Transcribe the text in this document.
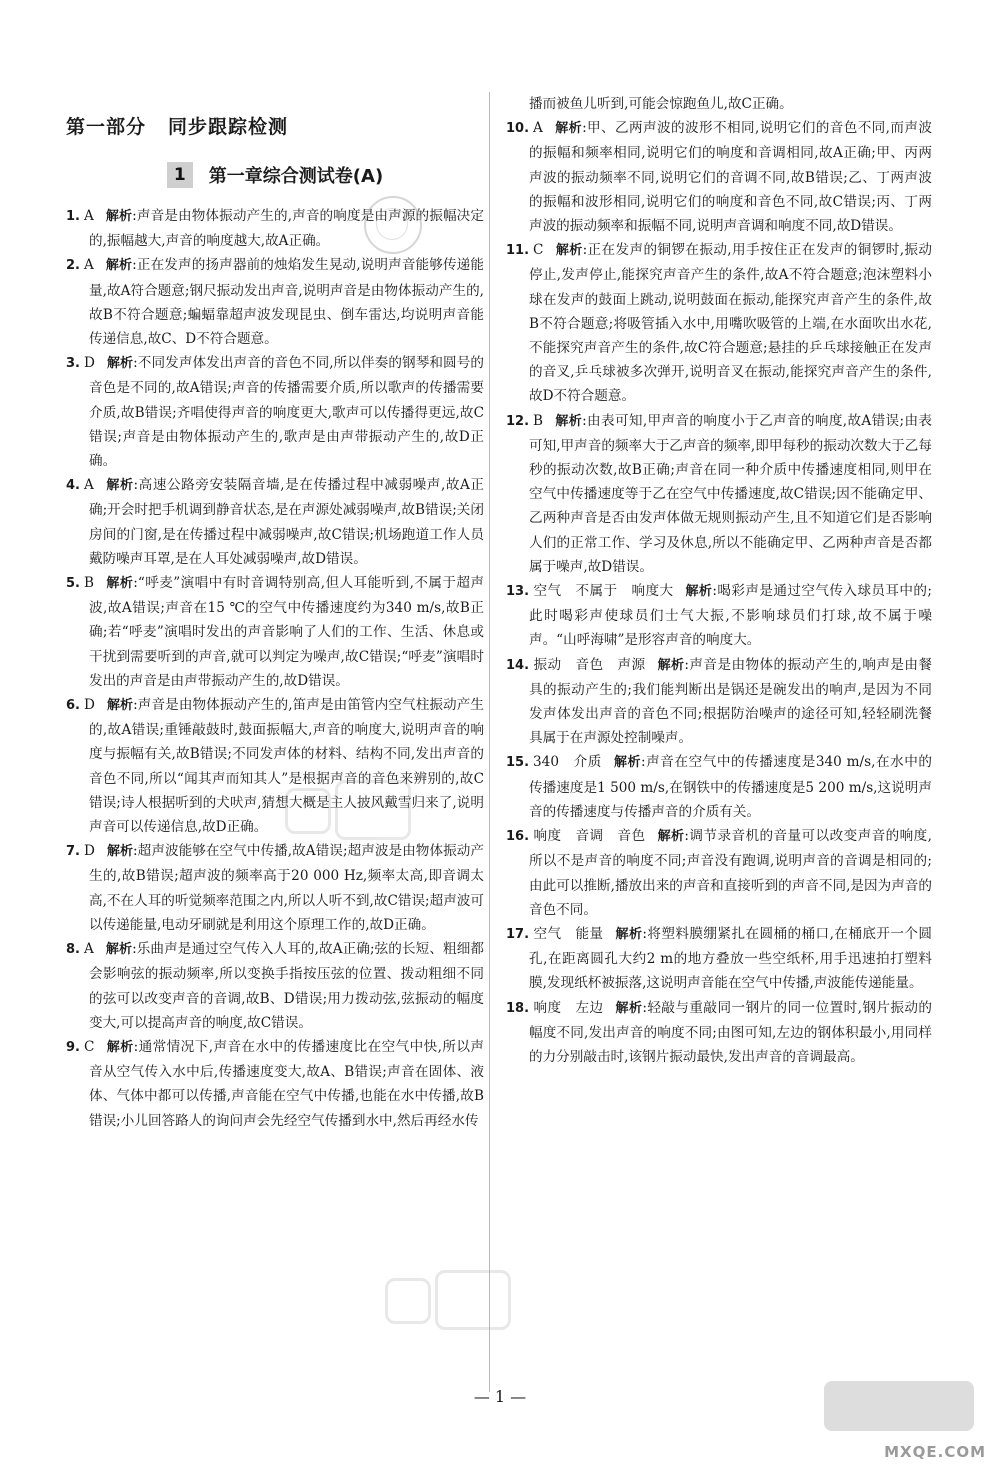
第一部分 同步跟踪检测
1	第一章综合测试卷(A)

1. A 解析:声音是由物体振动产生的,声音的响度是由声源的振幅决定的,振幅越大,声音的响度越大,故A正确。

2. A 解析:正在发声的扬声器前的烛焰发生晃动,说明声音能够传递能量,故A符合题意;钢尺振动发出声音,说明声音是由物体振动产生的,故B不符合题意;蝙蝠靠超声波发现昆虫、倒车雷达,均说明声音能传递信息,故C、D不符合题意。

3. D 解析:不同发声体发出声音的音色不同,所以伴奏的钢琴和圆号的音色是不同的,故A错误;声音的传播需要介质,所以歌声的传播需要介质,故B错误;齐唱使得声音的响度更大,歌声可以传播得更远,故C错误;声音是由物体振动产生的,歌声是由声带振动产生的,故D正确。

4. A 解析:高速公路旁安装隔音墙,是在传播过程中减弱噪声,故A正确;开会时把手机调到静音状态,是在声源处减弱噪声,故B错误;关闭房间的门窗,是在传播过程中减弱噪声,故C错误;机场跑道工作人员戴防噪声耳罩,是在人耳处减弱噪声,故D错误。

5. B 解析:“呼麦”演唱中有时音调特别高,但人耳能听到,不属于超声波,故A错误;声音在15 ℃的空气中传播速度约为340 m/s,故B正确;若“呼麦”演唱时发出的声音影响了人们的工作、生活、休息或干扰到需要听到的声音,就可以判定为噪声,故C错误;“呼麦”演唱时发出的声音是由声带振动产生的,故D错误。

6. D 解析:声音是由物体振动产生的,笛声是由笛管内空气柱振动产生的,故A错误;重锤敲鼓时,鼓面振幅大,声音的响度大,说明声音的响度与振幅有关,故B错误;不同发声体的材料、结构不同,发出声音的音色不同,所以“闻其声而知其人”是根据声音的音色来辨别的,故C错误;诗人根据听到的犬吠声,猜想大概是主人披风戴雪归来了,说明声音可以传递信息,故D正确。

7. D 解析:超声波能够在空气中传播,故A错误;超声波是由物体振动产生的,故B错误;超声波的频率高于20 000 Hz,频率太高,即音调太高,不在人耳的听觉频率范围之内,所以人听不到,故C错误;超声波可以传递能量,电动牙刷就是利用这个原理工作的,故D正确。

8. A 解析:乐曲声是通过空气传入人耳的,故A正确;弦的长短、粗细都会影响弦的振动频率,所以变换手指按压弦的位置、拨动粗细不同的弦可以改变声音的音调,故B、D错误;用力拨动弦,弦振动的幅度变大,可以提高声音的响度,故C错误。

9. C 解析:通常情况下,声音在水中的传播速度比在空气中快,所以声音从空气传入水中后,传播速度变大,故A、B错误;声音在固体、液体、气体中都可以传播,声音能在空气中传播,也能在水中传播,故B错误;小儿回答路人的询问声会先经空气传播到水中,然后再经水传

播而被鱼儿听到,可能会惊跑鱼儿,故C正确。

10. A 解析:甲、乙两声波的波形不相同,说明它们的音色不同,而声波的振幅和频率相同,说明它们的响度和音调相同,故A正确;甲、丙两声波的振动频率不同,说明它们的音调不同,故B错误;乙、丁两声波的振幅和波形相同,说明它们的响度和音色不同,故C错误;丙、丁两声波的振动频率和振幅不同,说明声音调和响度不同,故D错误。

11. C 解析:正在发声的铜锣在振动,用手按住正在发声的铜锣时,振动停止,发声停止,能探究声音产生的条件,故A不符合题意;泡沫塑料小球在发声的鼓面上跳动,说明鼓面在振动,能探究声音产生的条件,故B不符合题意;将吸管插入水中,用嘴吹吸管的上端,在水面吹出水花,不能探究声音产生的条件,故C符合题意;悬挂的乒乓球接触正在发声的音叉,乒乓球被多次弹开,说明音叉在振动,能探究声音产生的条件,故D不符合题意。

12. B 解析:由表可知,甲声音的响度小于乙声音的响度,故A错误;由表可知,甲声音的频率大于乙声音的频率,即甲每秒的振动次数大于乙每秒的振动次数,故B正确;声音在同一种介质中传播速度相同,则甲在空气中传播速度等于乙在空气中传播速度,故C错误;因不能确定甲、乙两种声音是否由发声体做无规则振动产生,且不知道它们是否影响人们的正常工作、学习及休息,所以不能确定甲、乙两种声音是否都属于噪声,故D错误。

13. 空气　不属于　响度大 解析:喝彩声是通过空气传入球员耳中的;此时喝彩声使球员们士气大振,不影响球员们打球,故不属于噪声。“山呼海啸”是形容声音的响度大。

14. 振动　音色　声源 解析:声音是由物体的振动产生的,响声是由餐具的振动产生的;我们能判断出是锅还是碗发出的响声,是因为不同发声体发出声音的音色不同;根据防治噪声的途径可知,轻轻刷洗餐具属于在声源处控制噪声。

15. 340　介质 解析:声音在空气中的传播速度是340 m/s,在水中的传播速度是1 500 m/s,在钢铁中的传播速度是5 200 m/s,这说明声音的传播速度与传播声音的介质有关。

16. 响度　音调　音色 解析:调节录音机的音量可以改变声音的响度,所以不是声音的响度不同;声音没有跑调,说明声音的音调是相同的;由此可以推断,播放出来的声音和直接听到的声音不同,是因为声音的音色不同。

17. 空气　能量 解析:将塑料膜绷紧扎在圆桶的桶口,在桶底开一个圆孔,在距离圆孔大约2 m的地方叠放一些空纸杯,用手迅速拍打塑料膜,发现纸杯被振落,这说明声音能在空气中传播,声波能传递能量。

18. 响度　左边 解析:轻敲与重敲同一钢片的同一位置时,钢片振动的幅度不同,发出声音的响度不同;由图可知,左边的钢体积最小,用同样的力分别敲击时,该钢片振动最快,发出声音的音调最高。

— 1 —
MXQE.COM
